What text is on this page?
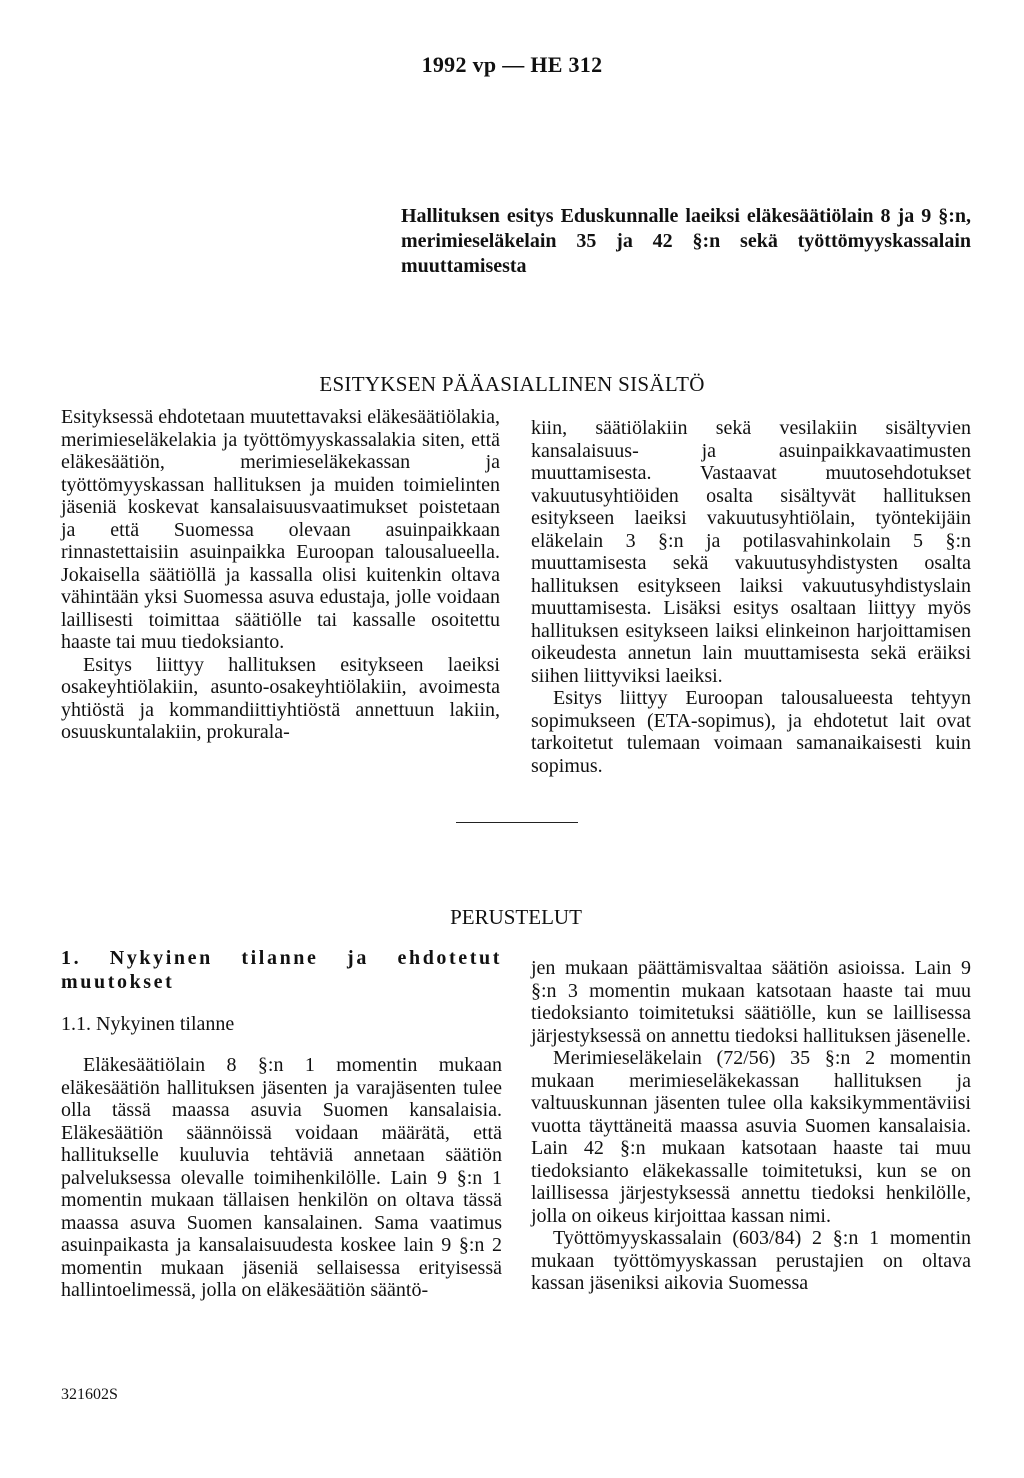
1992 vp — HE 312
Hallituksen esitys Eduskunnalle laeiksi eläkesäätiölain 8 ja 9 §:n, merimieseläkelain 35 ja 42 §:n sekä työttömyyskassalain muuttamisesta
ESITYKSEN PÄÄASIALLINEN SISÄLTÖ

Esityksessä ehdotetaan muutettavaksi eläkesäätiölakia, merimieseläkelakia ja työttömyyskassalakia siten, että eläkesäätiön, merimieseläkekassan ja työttömyyskassan hallituksen ja muiden toimielinten jäseniä koskevat kansalaisuusvaatimukset poistetaan ja että Suomessa olevaan asuinpaikkaan rinnastettaisiin asuinpaikka Euroopan talousalueella. Jokaisella säätiöllä ja kassalla olisi kuitenkin oltava vähintään yksi Suomessa asuva edustaja, jolle voidaan laillisesti toimittaa säätiölle tai kassalle osoitettu haaste tai muu tiedoksianto.

Esitys liittyy hallituksen esitykseen laeiksi osakeyhtiölakiin, asunto-osakeyhtiölakiin, avoimesta yhtiöstä ja kommandiittiyhtiöstä annettuun lakiin, osuuskuntalakiin, prokurala-

kiin, säätiölakiin sekä vesilakiin sisältyvien kansalaisuus- ja asuinpaikkavaatimusten muuttamisesta. Vastaavat muutosehdotukset vakuutusyhtiöiden osalta sisältyvät hallituksen esitykseen laeiksi vakuutusyhtiölain, työntekijäin eläkelain 3 §:n ja potilasvahinkolain 5 §:n muuttamisesta sekä vakuutusyhdistysten osalta hallituksen esitykseen laiksi vakuutusyhdistyslain muuttamisesta. Lisäksi esitys osaltaan liittyy myös hallituksen esitykseen laiksi elinkeinon harjoittamisen oikeudesta annetun lain muuttamisesta sekä eräiksi siihen liittyviksi laeiksi.

Esitys liittyy Euroopan talousalueesta tehtyyn sopimukseen (ETA-sopimus), ja ehdotetut lait ovat tarkoitetut tulemaan voimaan samanaikaisesti kuin sopimus.

PERUSTELUT
1. Nykyinen tilanne ja ehdotetut muutokset
1.1. Nykyinen tilanne

Eläkesäätiölain 8 §:n 1 momentin mukaan eläkesäätiön hallituksen jäsenten ja varajäsenten tulee olla tässä maassa asuvia Suomen kansalaisia. Eläkesäätiön säännöissä voidaan määrätä, että hallitukselle kuuluvia tehtäviä annetaan säätiön palveluksessa olevalle toimihenkilölle. Lain 9 §:n 1 momentin mukaan tällaisen henkilön on oltava tässä maassa asuva Suomen kansalainen. Sama vaatimus asuinpaikasta ja kansalaisuudesta koskee lain 9 §:n 2 momentin mukaan jäseniä sellaisessa erityisessä hallintoelimessä, jolla on eläkesäätiön sääntö-

jen mukaan päättämisvaltaa säätiön asioissa. Lain 9 §:n 3 momentin mukaan katsotaan haaste tai muu tiedoksianto toimitetuksi säätiölle, kun se laillisessa järjestyksessä on annettu tiedoksi hallituksen jäsenelle.

Merimieseläkelain (72/56) 35 §:n 2 momentin mukaan merimieseläkekassan hallituksen ja valtuuskunnan jäsenten tulee olla kaksikymmentäviisi vuotta täyttäneitä maassa asuvia Suomen kansalaisia. Lain 42 §:n mukaan katsotaan haaste tai muu tiedoksianto eläkekassalle toimitetuksi, kun se on laillisessa järjestyksessä annettu tiedoksi henkilölle, jolla on oikeus kirjoittaa kassan nimi.

Työttömyyskassalain (603/84) 2 §:n 1 momentin mukaan työttömyyskassan perustajien on oltava kassan jäseniksi aikovia Suomessa

321602S
